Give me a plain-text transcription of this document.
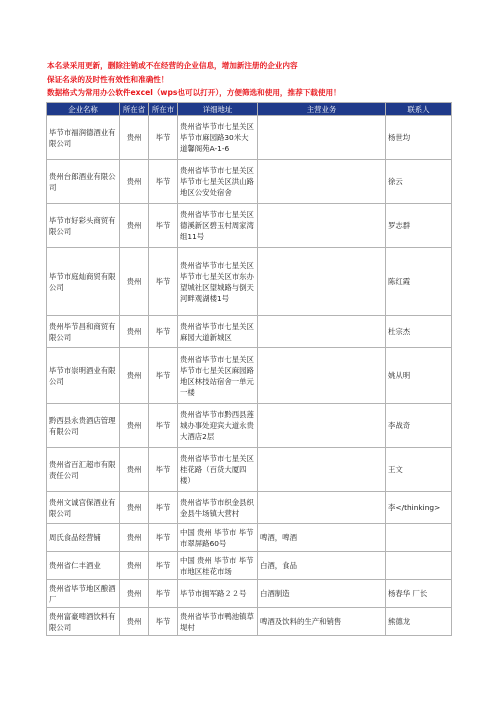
本名录采用更新，删除注销或不在经营的企业信息，增加新注册的企业内容
保证名录的及时性有效性和准确性！
数据格式为常用办公软件excel（wps也可以打开），方便筛选和使用，推荐下载使用！
企业名称	所在省	所在市	详细地址	主营业务	联系人
毕节市福润德酒业有限公司	贵州	毕节	贵州省毕节市七星关区毕节市麻园路30米大道馨阁苑A-1-6		杨世均
贵州台郎酒业有限公司	贵州	毕节	贵州省毕节市七星关区毕节市七星关区洪山路地区公安处宿舍		徐云
毕节市好彩头商贸有限公司	贵州	毕节	贵州省毕节市七星关区德溪新区碧玉村周家湾组11号		罗志群
毕节市庭灿商贸有限公司	贵州	毕节	贵州省毕节市七星关区毕节市七星关区市东办望城社区望城路与倒天河畔观湖楼1号		陈红霞
贵州毕节昌和商贸有限公司	贵州	毕节	贵州省毕节市七星关区麻园大道新城区		杜宗杰
毕节市崇明酒业有限公司	贵州	毕节	贵州省毕节市七星关区毕节市七星关区麻园路地区林技站宿舍一单元一楼		姚从明
黔西县永贵酒店管理有限公司	贵州	毕节	贵州省毕节市黔西县莲城办事处迎宾大道永贵大酒店2层		李战奇
贵州省百汇超市有限责任公司	贵州	毕节	贵州省毕节市七星关区桂花路（百货大厦四楼）		王文
贵州文诚宫保酒业有限公司	贵州	毕节	贵州省毕节市织金县织金县牛场镇大营村		李</thinking>
周氏食品经营铺	贵州	毕节	中国 贵州 毕节市 毕节市翠屏路60号	啤酒，啤酒	
贵州省仁丰酒业	贵州	毕节	中国 贵州 毕节市 毕节市地区桂花市场	白酒，食品	
贵州省毕节地区酿酒厂	贵州	毕节	毕节市拥军路２２号	白酒制造	杨春华 厂长
贵州富豪啤酒饮料有限公司	贵州	毕节	贵州省毕节市鸭池镇草堤村	啤酒及饮料的生产和销售	熊德龙
